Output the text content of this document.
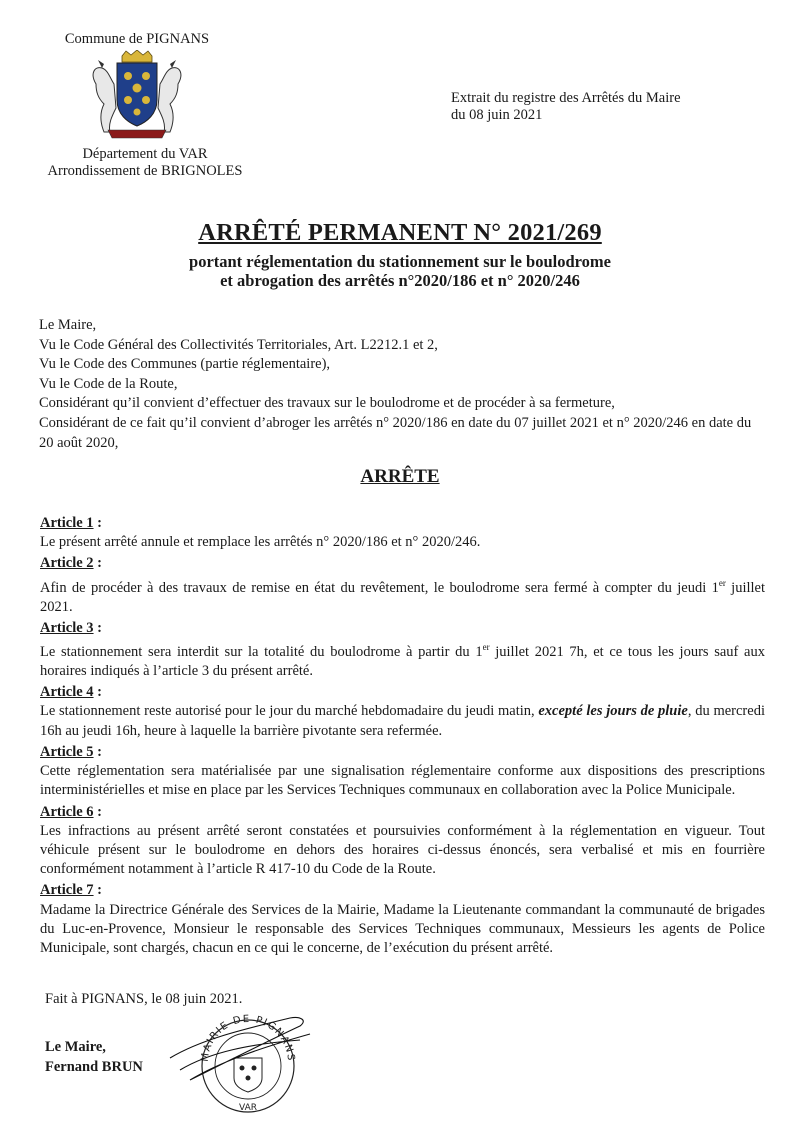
Commune de PIGNANS
Département du VAR
Arrondissement de BRIGNOLES
Extrait du registre des Arrêtés du Maire
du 08 juin 2021
ARRÊTÉ PERMANENT N° 2021/269
portant réglementation du stationnement sur le boulodrome
et abrogation des arrêtés n°2020/186 et n° 2020/246

Le Maire,

Vu le Code Général des Collectivités Territoriales, Art. L2212.1 et 2,

Vu le Code des Communes (partie réglementaire),

Vu le Code de la Route,

Considérant qu’il convient d’effectuer des travaux sur le boulodrome et de procéder à sa fermeture,

Considérant de ce fait qu’il convient d’abroger les arrêtés n° 2020/186 en date du 07 juillet 2021 et n° 2020/246 en date du 20 août 2020,

ARRÊTE
Article 1 :

Le présent arrêté annule et remplace les arrêtés n° 2020/186 et n° 2020/246.

Article 2 :

Afin de procéder à des travaux de remise en état du revêtement, le boulodrome sera fermé à compter du jeudi 1er juillet 2021.

Article 3 :

Le stationnement sera interdit sur la totalité du boulodrome à partir du 1er juillet 2021 7h, et ce tous les jours sauf aux horaires indiqués à l’article 3 du présent arrêté.

Article 4 :

Le stationnement reste autorisé pour le jour du marché hebdomadaire du jeudi matin, excepté les jours de pluie, du mercredi 16h au jeudi 16h, heure à laquelle la barrière pivotante sera refermée.

Article 5 :

Cette réglementation sera matérialisée par une signalisation réglementaire conforme aux dispositions des prescriptions interministérielles et mise en place par les Services Techniques communaux en collaboration avec la Police Municipale.

Article 6 :

Les infractions au présent arrêté seront constatées et poursuivies conformément à la réglementation en vigueur. Tout véhicule présent sur le boulodrome en dehors des horaires ci-dessus énoncés, sera verbalisé et mis en fourrière conformément notamment à l’article R 417-10 du Code de la Route.

Article 7 :

Madame la Directrice Générale des Services de la Mairie, Madame la Lieutenante commandant la communauté de brigades du Luc-en-Provence, Monsieur le responsable des Services Techniques communaux, Messieurs les agents de Police Municipale, sont chargés, chacun en ce qui le concerne, de l’exécution du présent arrêté.

Fait à PIGNANS, le 08 juin 2021.
Le Maire,
Fernand BRUN
MAIRIE DE PIGNANS
VAR
